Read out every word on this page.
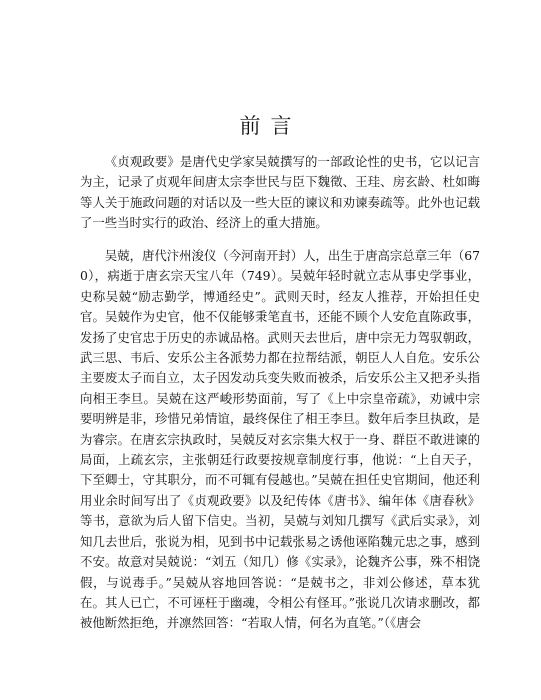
前言

《贞观政要》是唐代史学家吴兢撰写的一部政论性的史书，它以记言为主，记录了贞观年间唐太宗李世民与臣下魏徵、王珪、房玄龄、杜如晦等人关于施政问题的对话以及一些大臣的谏议和劝谏奏疏等。此外也记载了一些当时实行的政治、经济上的重大措施。

吴兢，唐代汴州浚仪（今河南开封）人，出生于唐高宗总章三年（670），病逝于唐玄宗天宝八年（749）。吴兢年轻时就立志从事史学事业，史称吴兢“励志勤学，博通经史”。武则天时，经友人推荐，开始担任史官。吴兢作为史官，他不仅能够秉笔直书，还能不顾个人安危直陈政事，发扬了史官忠于历史的赤诚品格。武则天去世后，唐中宗无力驾驭朝政，武三思、韦后、安乐公主各派势力都在拉帮结派，朝臣人人自危。安乐公主要废太子而自立，太子因发动兵变失败而被杀，后安乐公主又把矛头指向相王李旦。吴兢在这严峻形势面前，写了《上中宗皇帝疏》，劝诫中宗要明辨是非，珍惜兄弟情谊，最终保住了相王李旦。数年后李旦执政，是为睿宗。在唐玄宗执政时，吴兢反对玄宗集大权于一身、群臣不敢进谏的局面，上疏玄宗，主张朝廷行政要按规章制度行事，他说：“上自天子，下至卿士，守其职分，而不可辄有侵越也。”吴兢在担任史官期间，他还利用业余时间写出了《贞观政要》以及纪传体《唐书》、编年体《唐春秋》等书，意欲为后人留下信史。当初，吴兢与刘知几撰写《武后实录》，刘知几去世后，张说为相，见到书中记载张易之诱他诬陷魏元忠之事，感到不安。故意对吴兢说：“刘五（知几）修《实录》，论魏齐公事，殊不相饶假，与说毒手。”吴兢从容地回答说：“是兢书之，非刘公修述，草本犹在。其人已亡，不可诬枉于幽魂，令相公有怪耳。”张说几次请求删改，都被他断然拒绝，并凛然回答：“若取人情，何名为直笔。”（《唐会
